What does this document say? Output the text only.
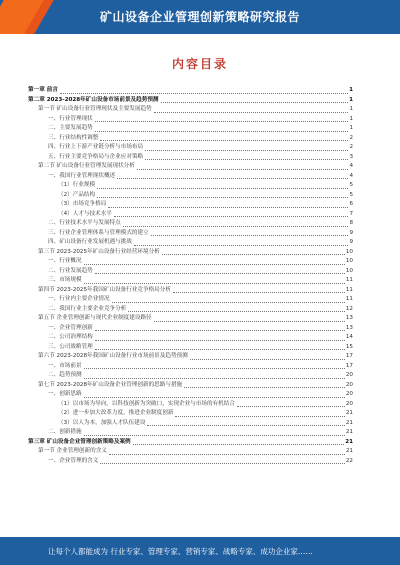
矿山设备企业管理创新策略研究报告
内容目录
第一章 前言	1
第二章 2023-2028年矿山设备市场前景及趋势预测	1
第一节 矿山设备行业管理现状及主要发展趋势	1
一、行业管理现状	1
二、主要发展趋势	1
三、行业结构性调整	2
四、行业上下游产业链分析与市场布局	2
五、行业主要竞争格局与企业应对策略	3
第二节 矿山设备行业管理发展现状分析	4
一、我国行业管理现状概述	4
（1）行业规模	5
（2）产品结构	5
（3）市场竞争格局	6
（4）人才与技术水平	7
二、行业技术水平与发展特点	8
三、行业企业管理体系与管理模式的建立	9
四、矿山设备行业发展机遇与挑战	9
第三节 2023-2025年矿山设备行业经营环境分析	10
一、行业概况	10
二、行业发展趋势	10
三、市场规模	11
第四节 2023-2025年我国矿山设备行业竞争格局分析	11
一、行业内主要企业情况	11
二、我国行业主要企业竞争分析	12
第五节 企业管理创新与现代企业制度建设路径	13
一、企业管理创新	13
二、公司治理结构	14
三、公司战略管理	15
第六节 2023-2028年我国矿山设备行业市场前景及趋势预测	17
一、市场前景	17
二、趋势预测	20
第七节 2023-2028年矿山设备企业管理创新的思路与措施	20
一、创新思路	20
（1）以市场为导向，以科技创新为突破口，实现企业与市场的有机结合	20
（2）进一步加大改革力度，推进企业制度创新	21
（3）以人为本，加强人才队伍建设	21
二、创新措施	21
第三章 矿山设备企业管理创新策略及案例	21
第一节 企业管理创新的含义	21
一、企业管理的含义	22
让每个人都能成为 行业专家、管理专家、营销专家、战略专家、成功企业家……
